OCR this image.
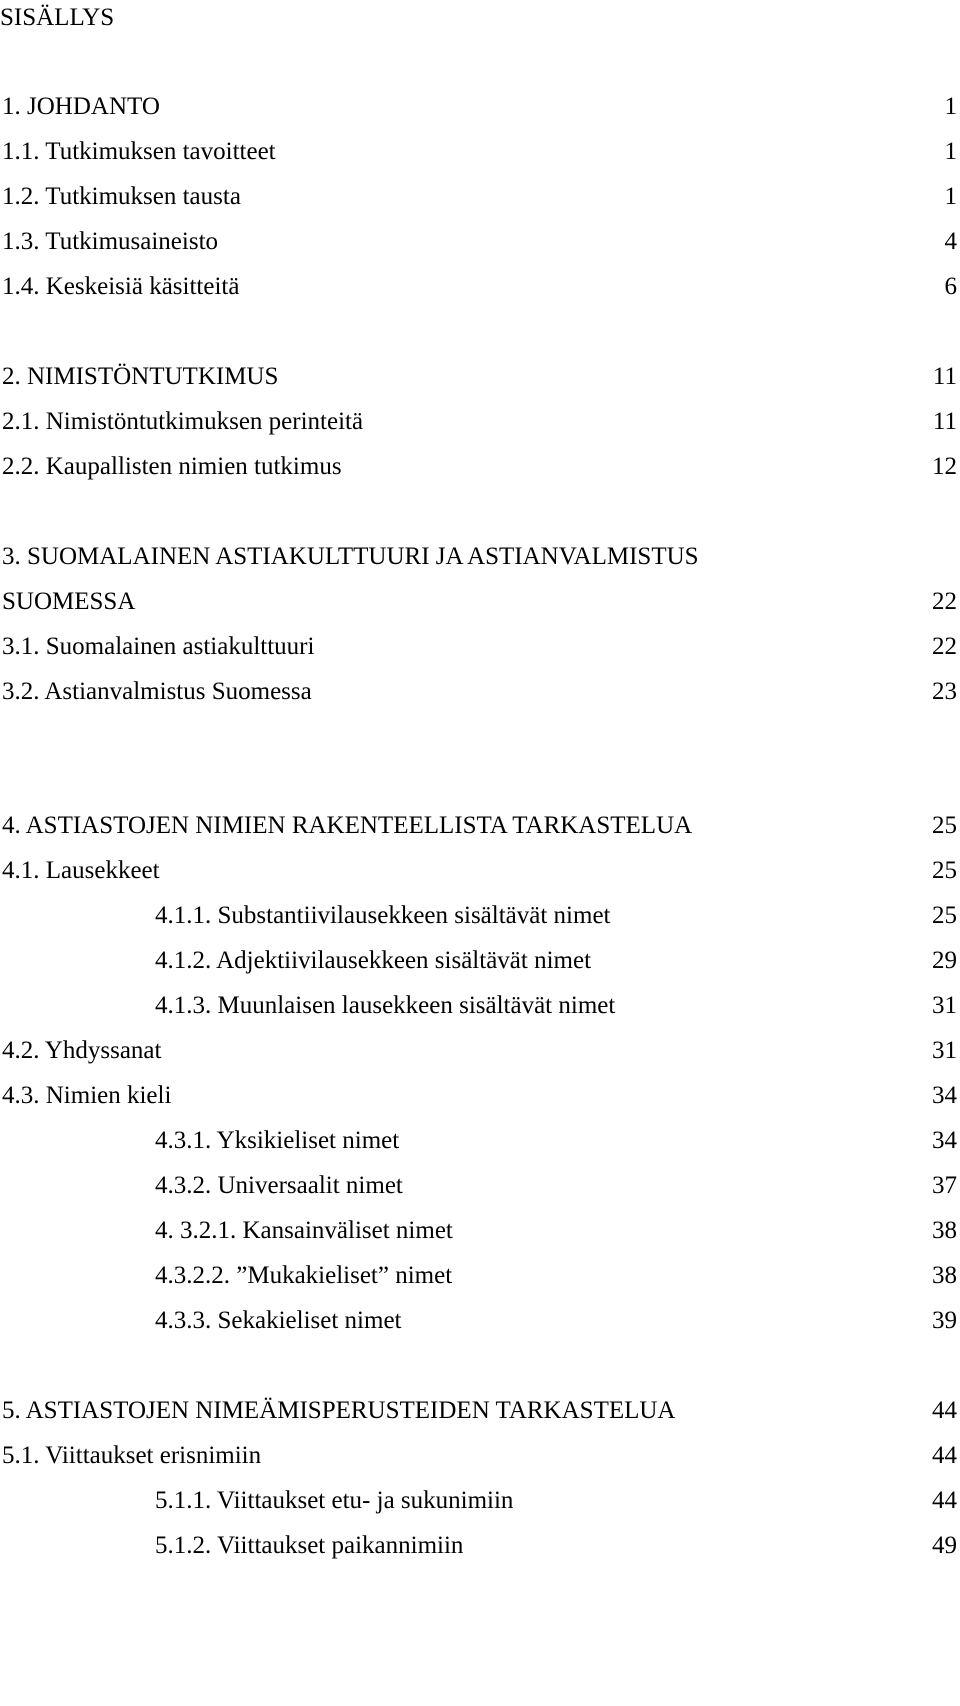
SISÄLLYS
1. JOHDANTO	1
1.1. Tutkimuksen tavoitteet	1
1.2. Tutkimuksen tausta	1
1.3. Tutkimusaineisto	4
1.4. Keskeisiä käsitteitä	6
2. NIMISTÖNTUTKIMUS	11
2.1. Nimistöntutkimuksen perinteitä	11
2.2. Kaupallisten nimien tutkimus	12
3. SUOMALAINEN ASTIAKULTTUURI JA ASTIANVALMISTUS
SUOMESSA	22
3.1. Suomalainen astiakulttuuri	22
3.2. Astianvalmistus Suomessa	23
4. ASTIASTOJEN NIMIEN RAKENTEELLISTA TARKASTELUA	25
4.1. Lausekkeet	25
4.1.1. Substantiivilausekkeen sisältävät nimet	25
4.1.2. Adjektiivilausekkeen sisältävät nimet	29
4.1.3. Muunlaisen lausekkeen sisältävät nimet	31
4.2. Yhdyssanat	31
4.3. Nimien kieli	34
4.3.1. Yksikieliset nimet	34
4.3.2. Universaalit nimet	37
4. 3.2.1. Kansainväliset nimet	38
4.3.2.2. ”Mukakieliset” nimet	38
4.3.3. Sekakieliset nimet	39
5. ASTIASTOJEN NIMEÄMISPERUSTEIDEN TARKASTELUA	44
5.1. Viittaukset erisnimiin	44
5.1.1. Viittaukset etu- ja sukunimiin	44
5.1.2. Viittaukset paikannimiin	49
